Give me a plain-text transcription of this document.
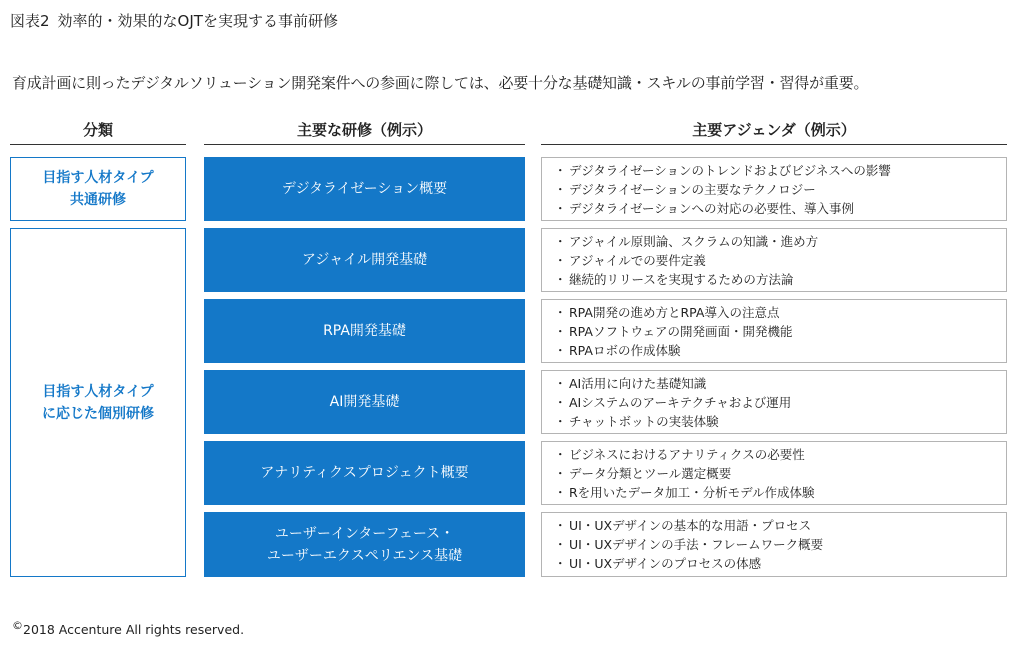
図表2 効率的・効果的なOJTを実現する事前研修
育成計画に則ったデジタルソリューション開発案件への参画に際しては、必要十分な基礎知識・スキルの事前学習・習得が重要。
分類	主要な研修（例示）	主要アジェンダ（例示）
目指す人材タイプ
共通研修
目指す人材タイプ
に応じた個別研修
デジタライゼーション概要
・ デジタライゼーションのトレンドおよびビジネスへの影響
・ デジタライゼーションの主要なテクノロジー
・ デジタライゼーションへの対応の必要性、導入事例
アジャイル開発基礎
・ アジャイル原則論、スクラムの知識・進め方
・ アジャイルでの要件定義
・ 継続的リリースを実現するための方法論
RPA開発基礎
・ RPA開発の進め方とRPA導入の注意点
・ RPAソフトウェアの開発画面・開発機能
・ RPAロボの作成体験
AI開発基礎
・ AI活用に向けた基礎知識
・ AIシステムのアーキテクチャおよび運用
・ チャットボットの実装体験
アナリティクスプロジェクト概要
・ ビジネスにおけるアナリティクスの必要性
・ データ分類とツール選定概要
・ Rを用いたデータ加工・分析モデル作成体験
ユーザーインターフェース・
ユーザーエクスペリエンス基礎
・ UI・UXデザインの基本的な用語・プロセス
・ UI・UXデザインの手法・フレームワーク概要
・ UI・UXデザインのプロセスの体感
©2018 Accenture All rights reserved.
